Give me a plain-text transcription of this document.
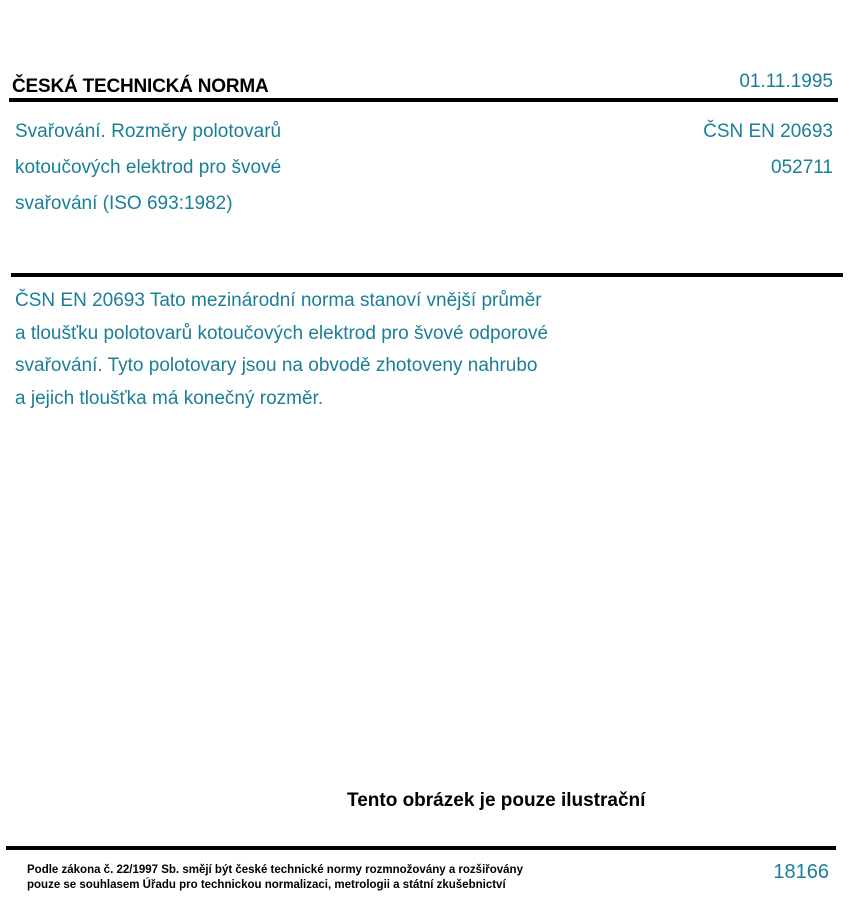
ČESKÁ TECHNICKÁ NORMA	01.11.1995
Svařování. Rozměry polotovarů
kotoučových elektrod pro švové
svařování (ISO 693:1982)
ČSN EN 20693
052711
ČSN EN 20693 Tato mezinárodní norma stanoví vnější průměr
a tloušťku polotovarů kotoučových elektrod pro švové odporové
svařování. Tyto polotovary jsou na obvodě zhotoveny nahrubo
a jejich tloušťka má konečný rozměr.
Tento obrázek je pouze ilustrační
Podle zákona č. 22/1997 Sb. smějí být české technické normy rozmnožovány a rozšiřovány
pouze se souhlasem Úřadu pro technickou normalizaci, metrologii a státní zkušebnictví
18166
